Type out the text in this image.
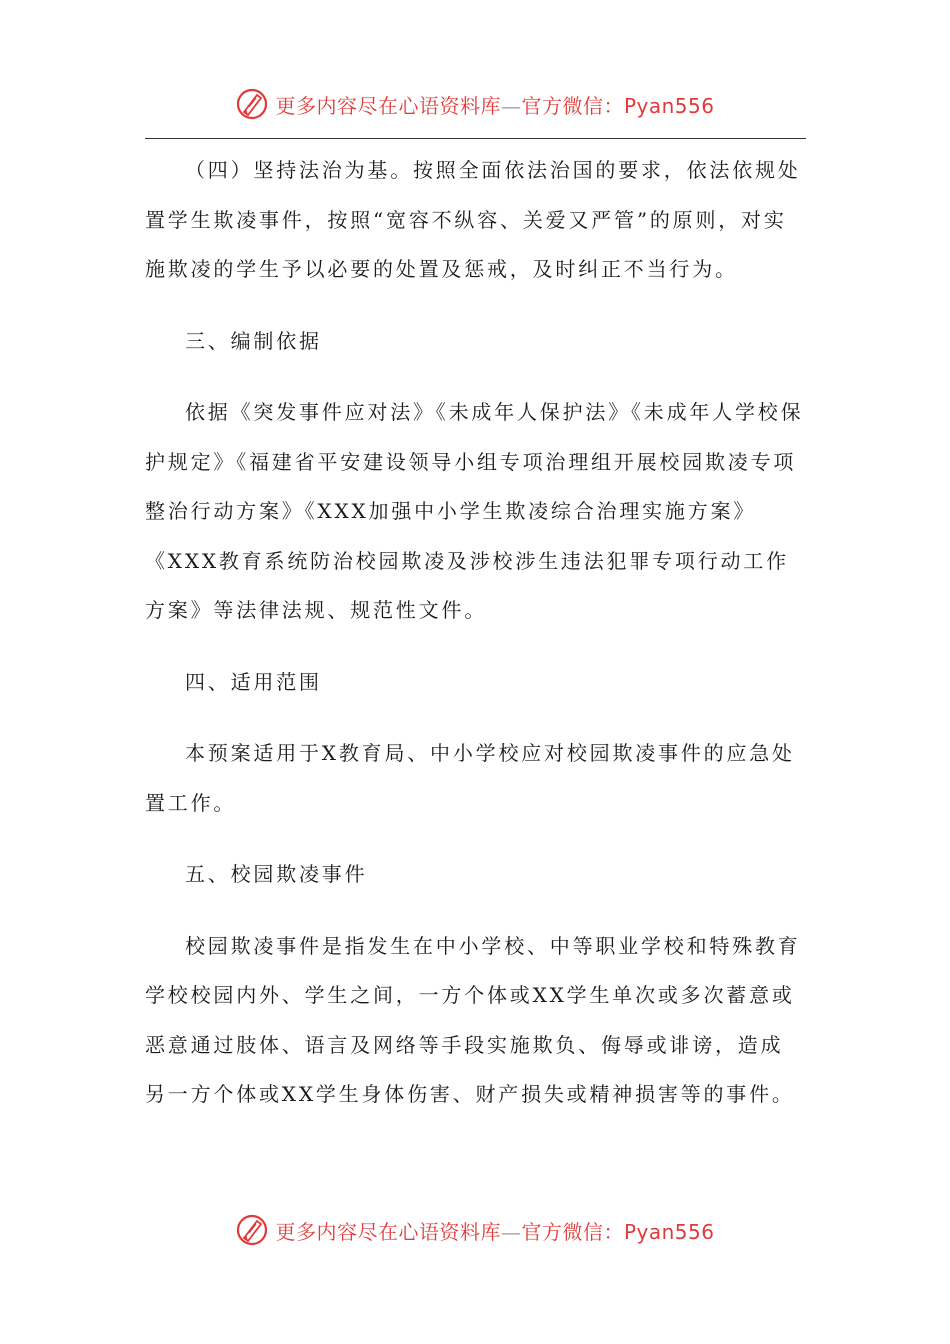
更多内容尽在心语资料库—官方微信：Pyan556

（四）坚持法治为基。按照全面依法治国的要求，依法依规处置学生欺凌事件，按照“宽容不纵容、关爱又严管”的原则，对实施欺凌的学生予以必要的处置及惩戒，及时纠正不当行为。

三、编制依据

依据《突发事件应对法》《未成年人保护法》《未成年人学校保护规定》《福建省平安建设领导小组专项治理组开展校园欺凌专项整治行动方案》《XXX加强中小学生欺凌综合治理实施方案》《XXX教育系统防治校园欺凌及涉校涉生违法犯罪专项行动工作方案》等法律法规、规范性文件。

四、适用范围

本预案适用于X教育局、中小学校应对校园欺凌事件的应急处置工作。

五、校园欺凌事件

校园欺凌事件是指发生在中小学校、中等职业学校和特殊教育学校校园内外、学生之间，一方个体或XX学生单次或多次蓄意或恶意通过肢体、语言及网络等手段实施欺负、侮辱或诽谤，造成另一方个体或XX学生身体伤害、财产损失或精神损害等的事件。

更多内容尽在心语资料库—官方微信：Pyan556
